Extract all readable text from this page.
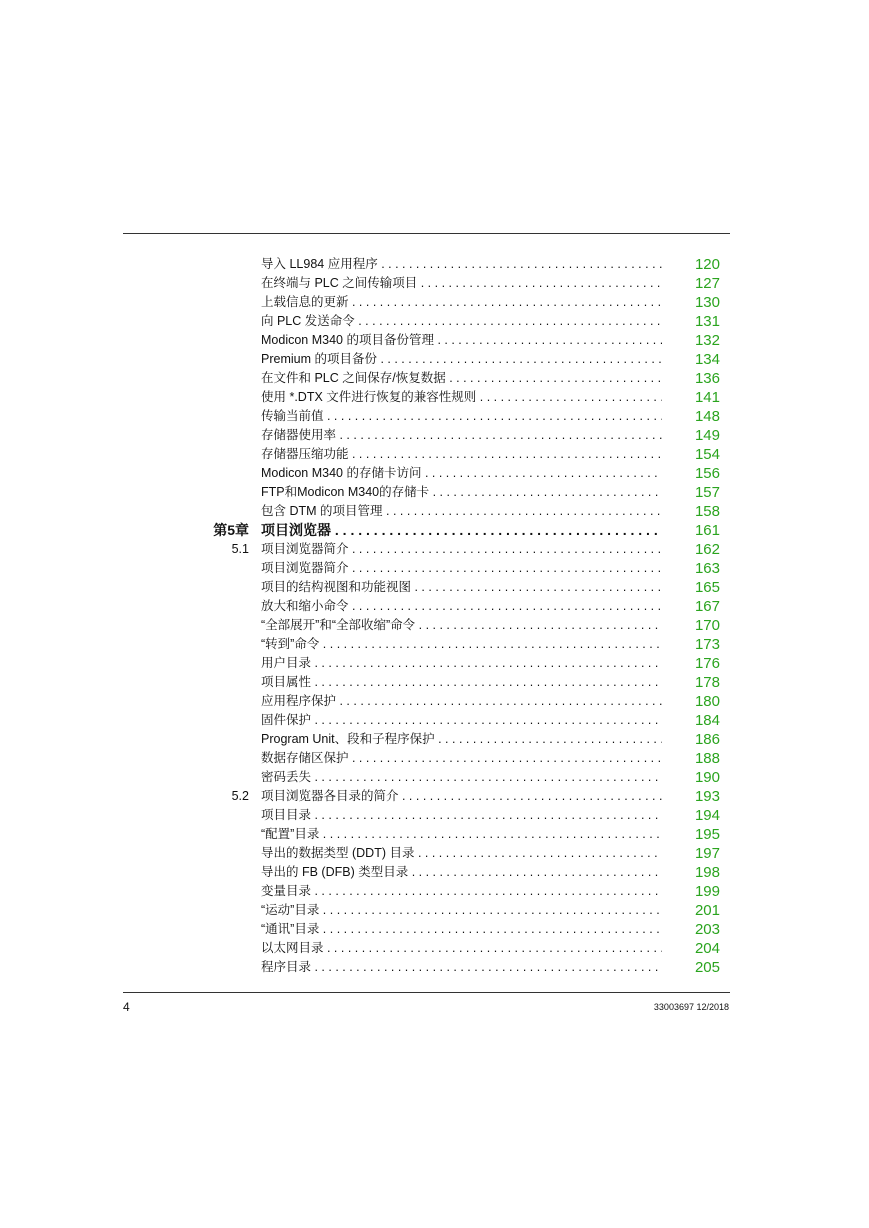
导入 LL984 应用程序 . . .	120
在终端与 PLC 之间传输项目 . . .	127
上载信息的更新 . . .	130
向 PLC 发送命令 . . .	131
Modicon M340 的项目备份管理 . . .	132
Premium 的项目备份 . . .	134
在文件和 PLC 之间保存/恢复数据 . . .	136
使用 *.DTX 文件进行恢复的兼容性规则 . . .	141
传输当前值 . . .	148
存储器使用率 . . .	149
存储器压缩功能 . . .	154
Modicon M340 的存储卡访问 . . .	156
FTP和Modicon M340的存储卡 . . .	157
包含 DTM 的项目管理 . . .	158
第5章 项目浏览器 . . .	161
5.1 项目浏览器简介 . . .	162
项目浏览器简介 . . .	163
项目的结构视图和功能视图 . . .	165
放大和缩小命令 . . .	167
“全部展开”和“全部收缩”命令 . . .	170
“转到”命令 . . .	173
用户目录 . . .	176
项目属性 . . .	178
应用程序保护 . . .	180
固件保护 . . .	184
Program Unit、段和子程序保护 . . .	186
数据存储区保护 . . .	188
密码丢失 . . .	190
5.2 项目浏览器各目录的简介 . . .	193
项目目录 . . .	194
“配置”目录 . . .	195
导出的数据类型 (DDT) 目录 . . .	197
导出的 FB (DFB) 类型目录 . . .	198
变量目录 . . .	199
“运动”目录 . . .	201
“通讯”目录 . . .	203
以太网目录 . . .	204
程序目录 . . .	205
4	33003697 12/2018
